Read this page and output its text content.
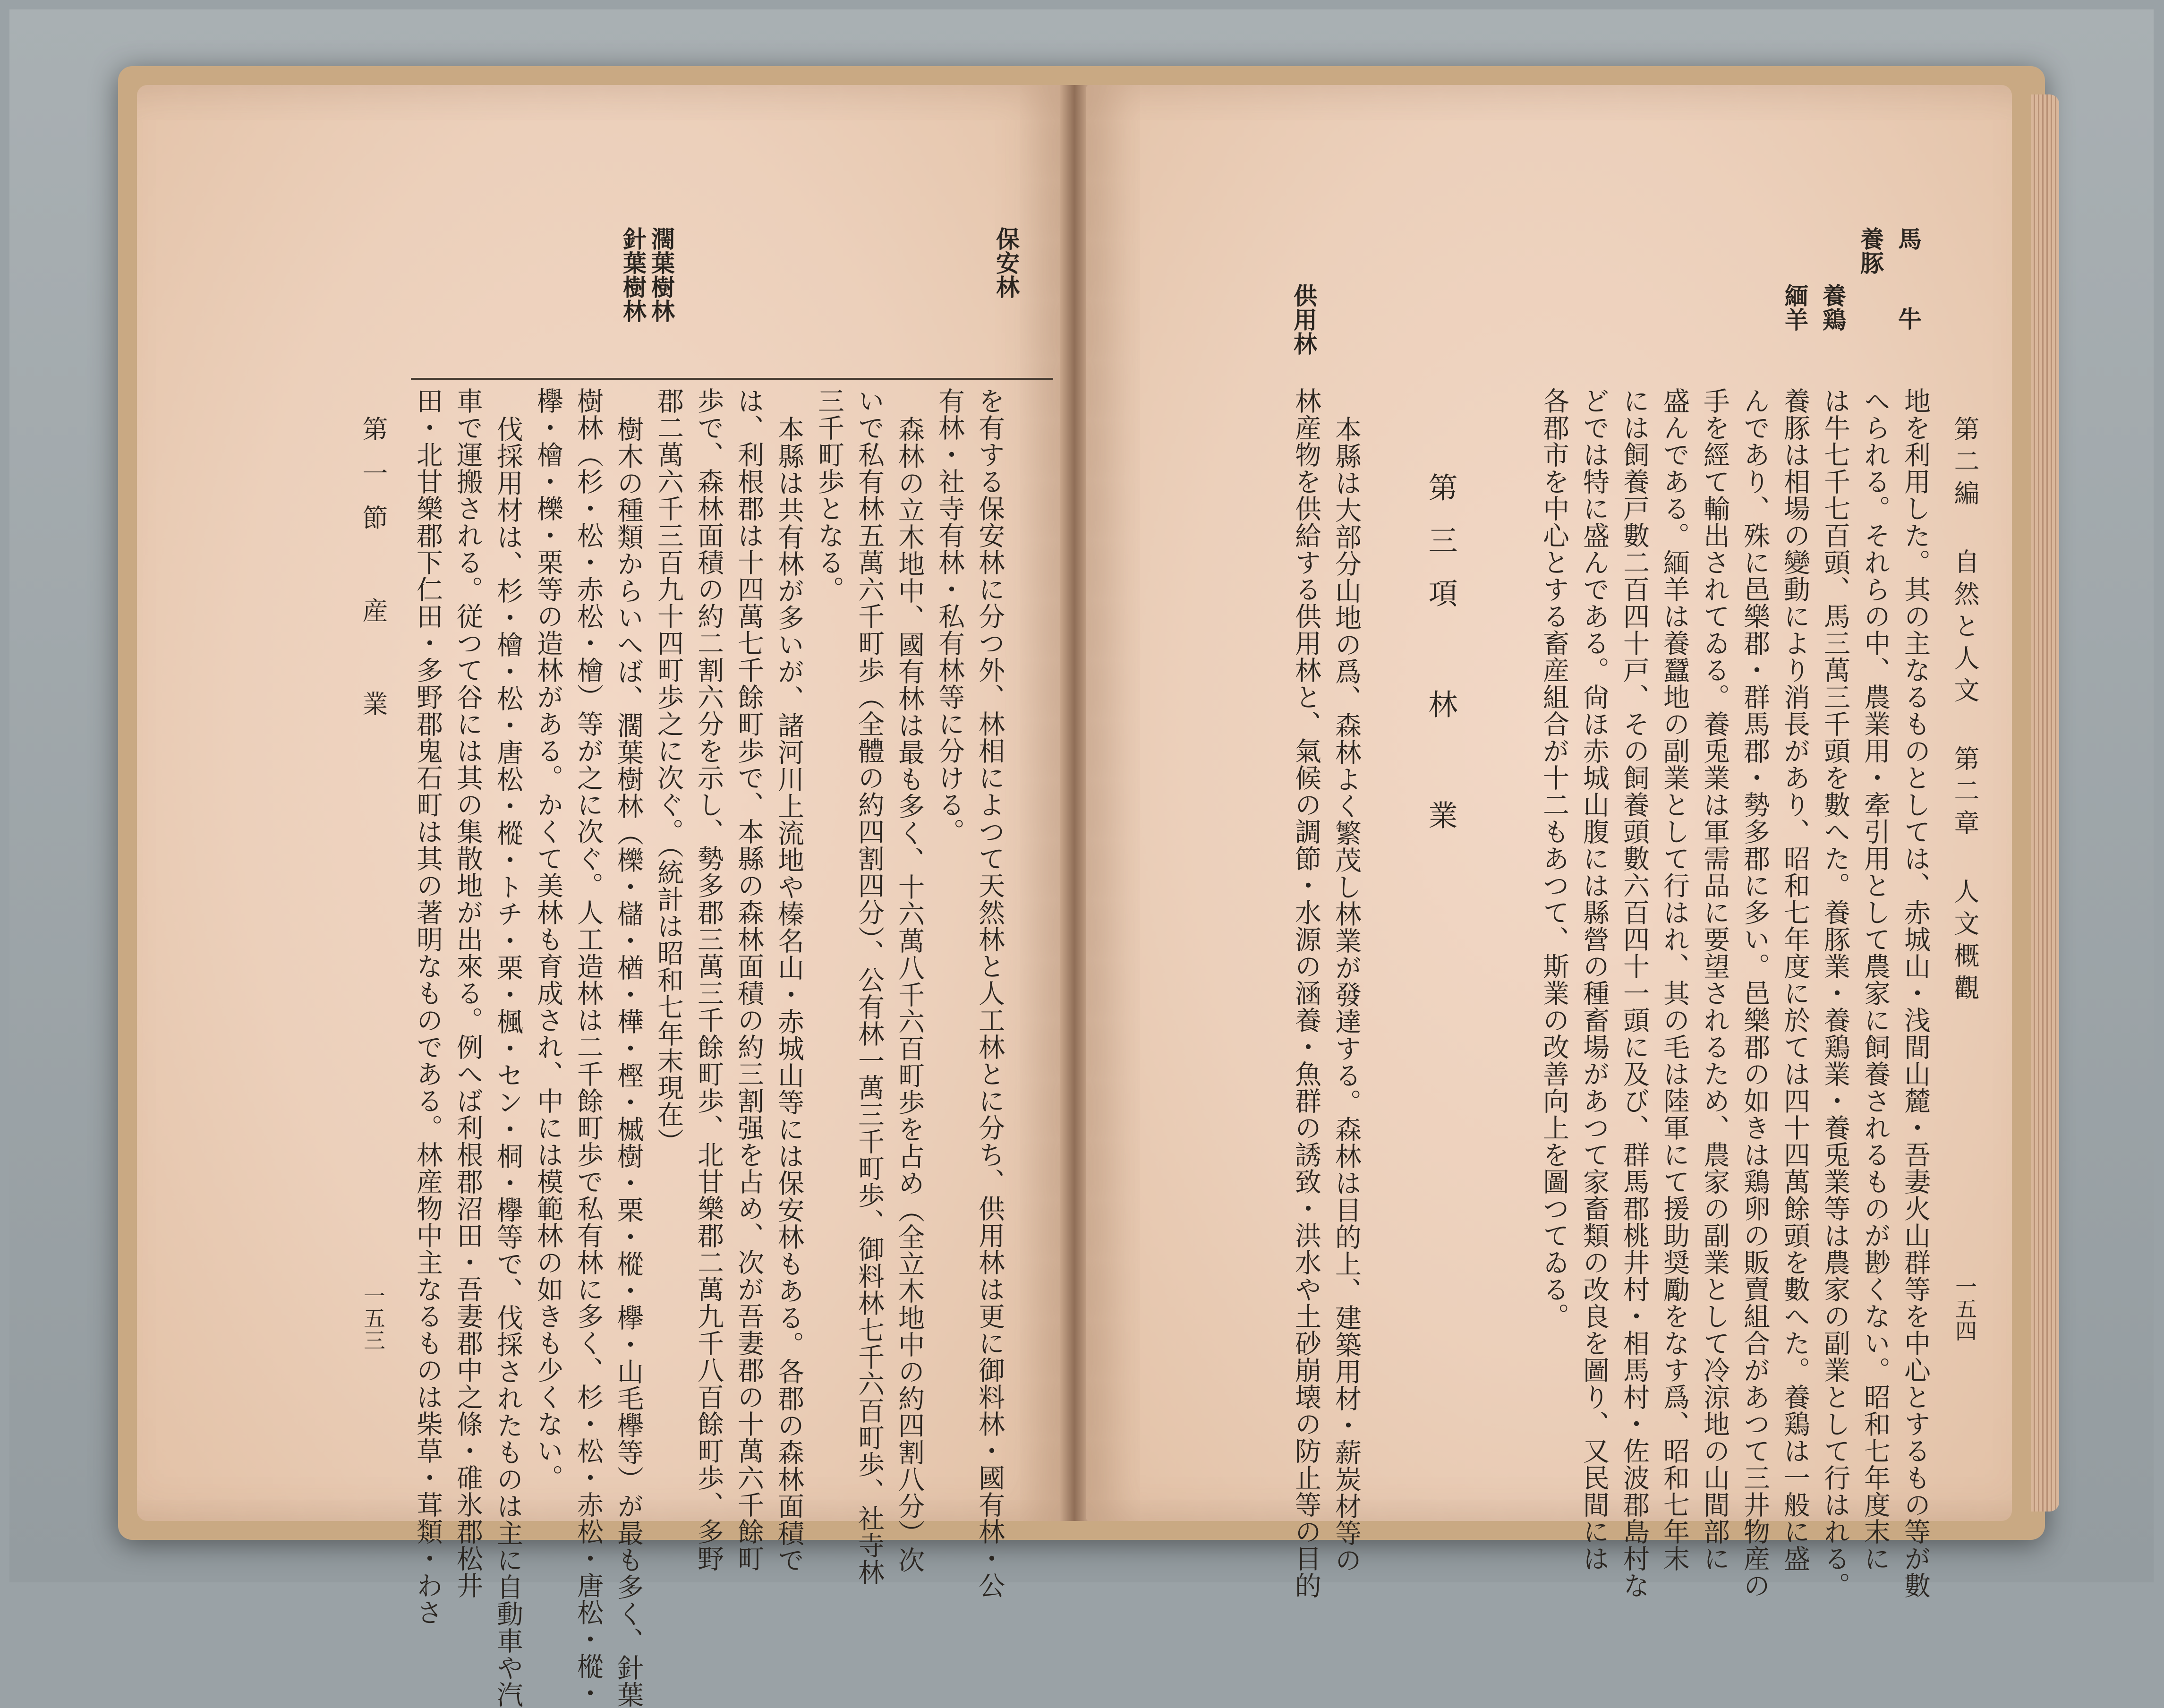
保安林
濶葉樹林
針葉樹林
を有する保安林に分つ外、林相によつて天然林と人工林とに分ち、供用林は更に御料林・國有林・公
有林・社寺有林・私有林等に分ける。
森林の立木地中、國有林は最も多く、十六萬八千六百町歩を占め（全立木地中の約四割八分）次
いで私有林五萬六千町歩（全體の約四割四分）、公有林一萬三千町歩、御料林七千六百町歩、社寺林
三千町歩となる。
本縣は共有林が多いが、諸河川上流地や榛名山・赤城山等には保安林もある。各郡の森林面積で
は、利根郡は十四萬七千餘町歩で、本縣の森林面積の約三割强を占め、次が吾妻郡の十萬六千餘町
歩で、森林面積の約二割六分を示し、勢多郡三萬三千餘町歩、北甘樂郡二萬九千八百餘町歩、多野
郡二萬六千三百九十四町歩之に次ぐ。（統計は昭和七年末現在）
樹木の種類からいへば、濶葉樹林（櫟・櫧・楢・樺・樫・槭樹・栗・樅・欅・山毛欅等）が最も多く、針葉
樹林（杉・松・赤松・檜）等が之に次ぐ。人工造林は二千餘町歩で私有林に多く、杉・松・赤松・唐松・樅・
欅・檜・櫟・栗等の造林がある。かくて美林も育成され、中には模範林の如きも少くない。
伐採用材は、杉・檜・松・唐松・樅・トチ・栗・楓・セン・桐・欅等で、伐採されたものは主に自動車や汽
車で運搬される。従つて谷には其の集散地が出來る。例へば利根郡沼田・吾妻郡中之條・碓氷郡松井
田・北甘樂郡下仁田・多野郡鬼石町は其の著明なものである。林産物中主なるものは柴草・茸類・わさ
第一節 産 業
一五三
馬 牛
養豚
養鶏
緬羊
供用林
第二編 自然と人文 第二章 人文概觀
一五四
地を利用した。其の主なるものとしては、赤城山・浅間山麓・吾妻火山群等を中心とするもの等が數
へられる。それらの中、農業用・牽引用として農家に飼養されるものが尠くない。昭和七年度末に
は牛七千七百頭、馬三萬三千頭を數へた。養豚業・養鶏業・養兎業等は農家の副業として行はれる。
養豚は相場の變動により消長があり、昭和七年度に於ては四十四萬餘頭を數へた。養鶏は一般に盛
んであり、殊に邑樂郡・群馬郡・勢多郡に多い。邑樂郡の如きは鶏卵の販賣組合があつて三井物産の
手を經て輸出されてゐる。養兎業は軍需品に要望されるため、農家の副業として冷涼地の山間部に
盛んである。緬羊は養蠶地の副業として行はれ、其の毛は陸軍にて援助奨勵をなす爲、昭和七年末
には飼養戸數二百四十戸、その飼養頭數六百四十一頭に及び、群馬郡桃井村・相馬村・佐波郡島村な
どでは特に盛んである。尙ほ赤城山腹には縣營の種畜場があつて家畜類の改良を圖り、又民間には
各郡市を中心とする畜産組合が十二もあつて、斯業の改善向上を圖つてゐる。
第三項 林 業
本縣は大部分山地の爲、森林よく繁茂し林業が發達する。森林は目的上、建築用材・薪炭材等の
林産物を供給する供用林と、氣候の調節・水源の涵養・魚群の誘致・洪水や土砂崩壊の防止等の目的
